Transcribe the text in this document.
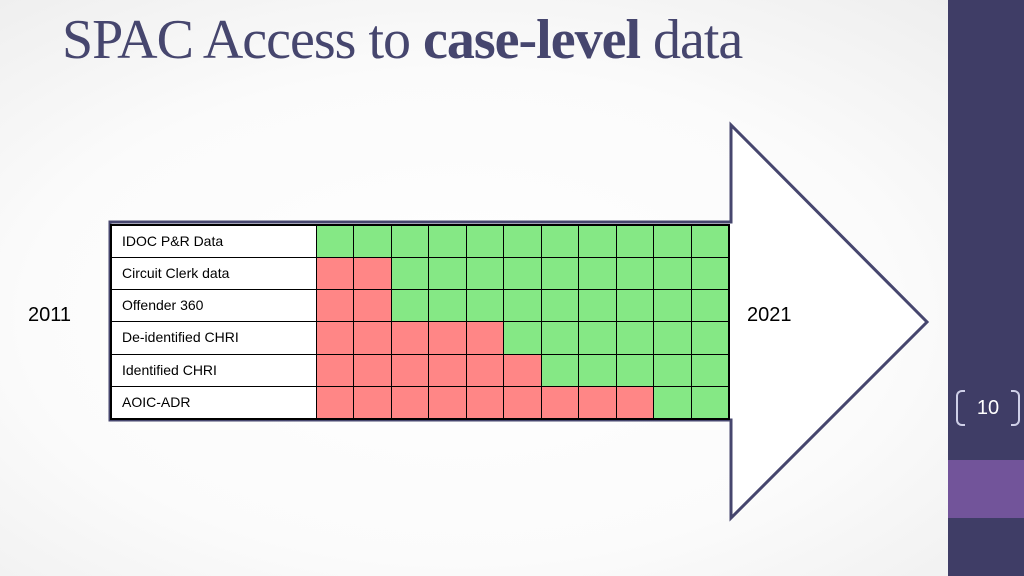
SPAC Access to case-level data
2011	2021
IDOC P&R Data
Circuit Clerk data
Offender 360
De-identified CHRI
Identified CHRI
AOIC-ADR	10
